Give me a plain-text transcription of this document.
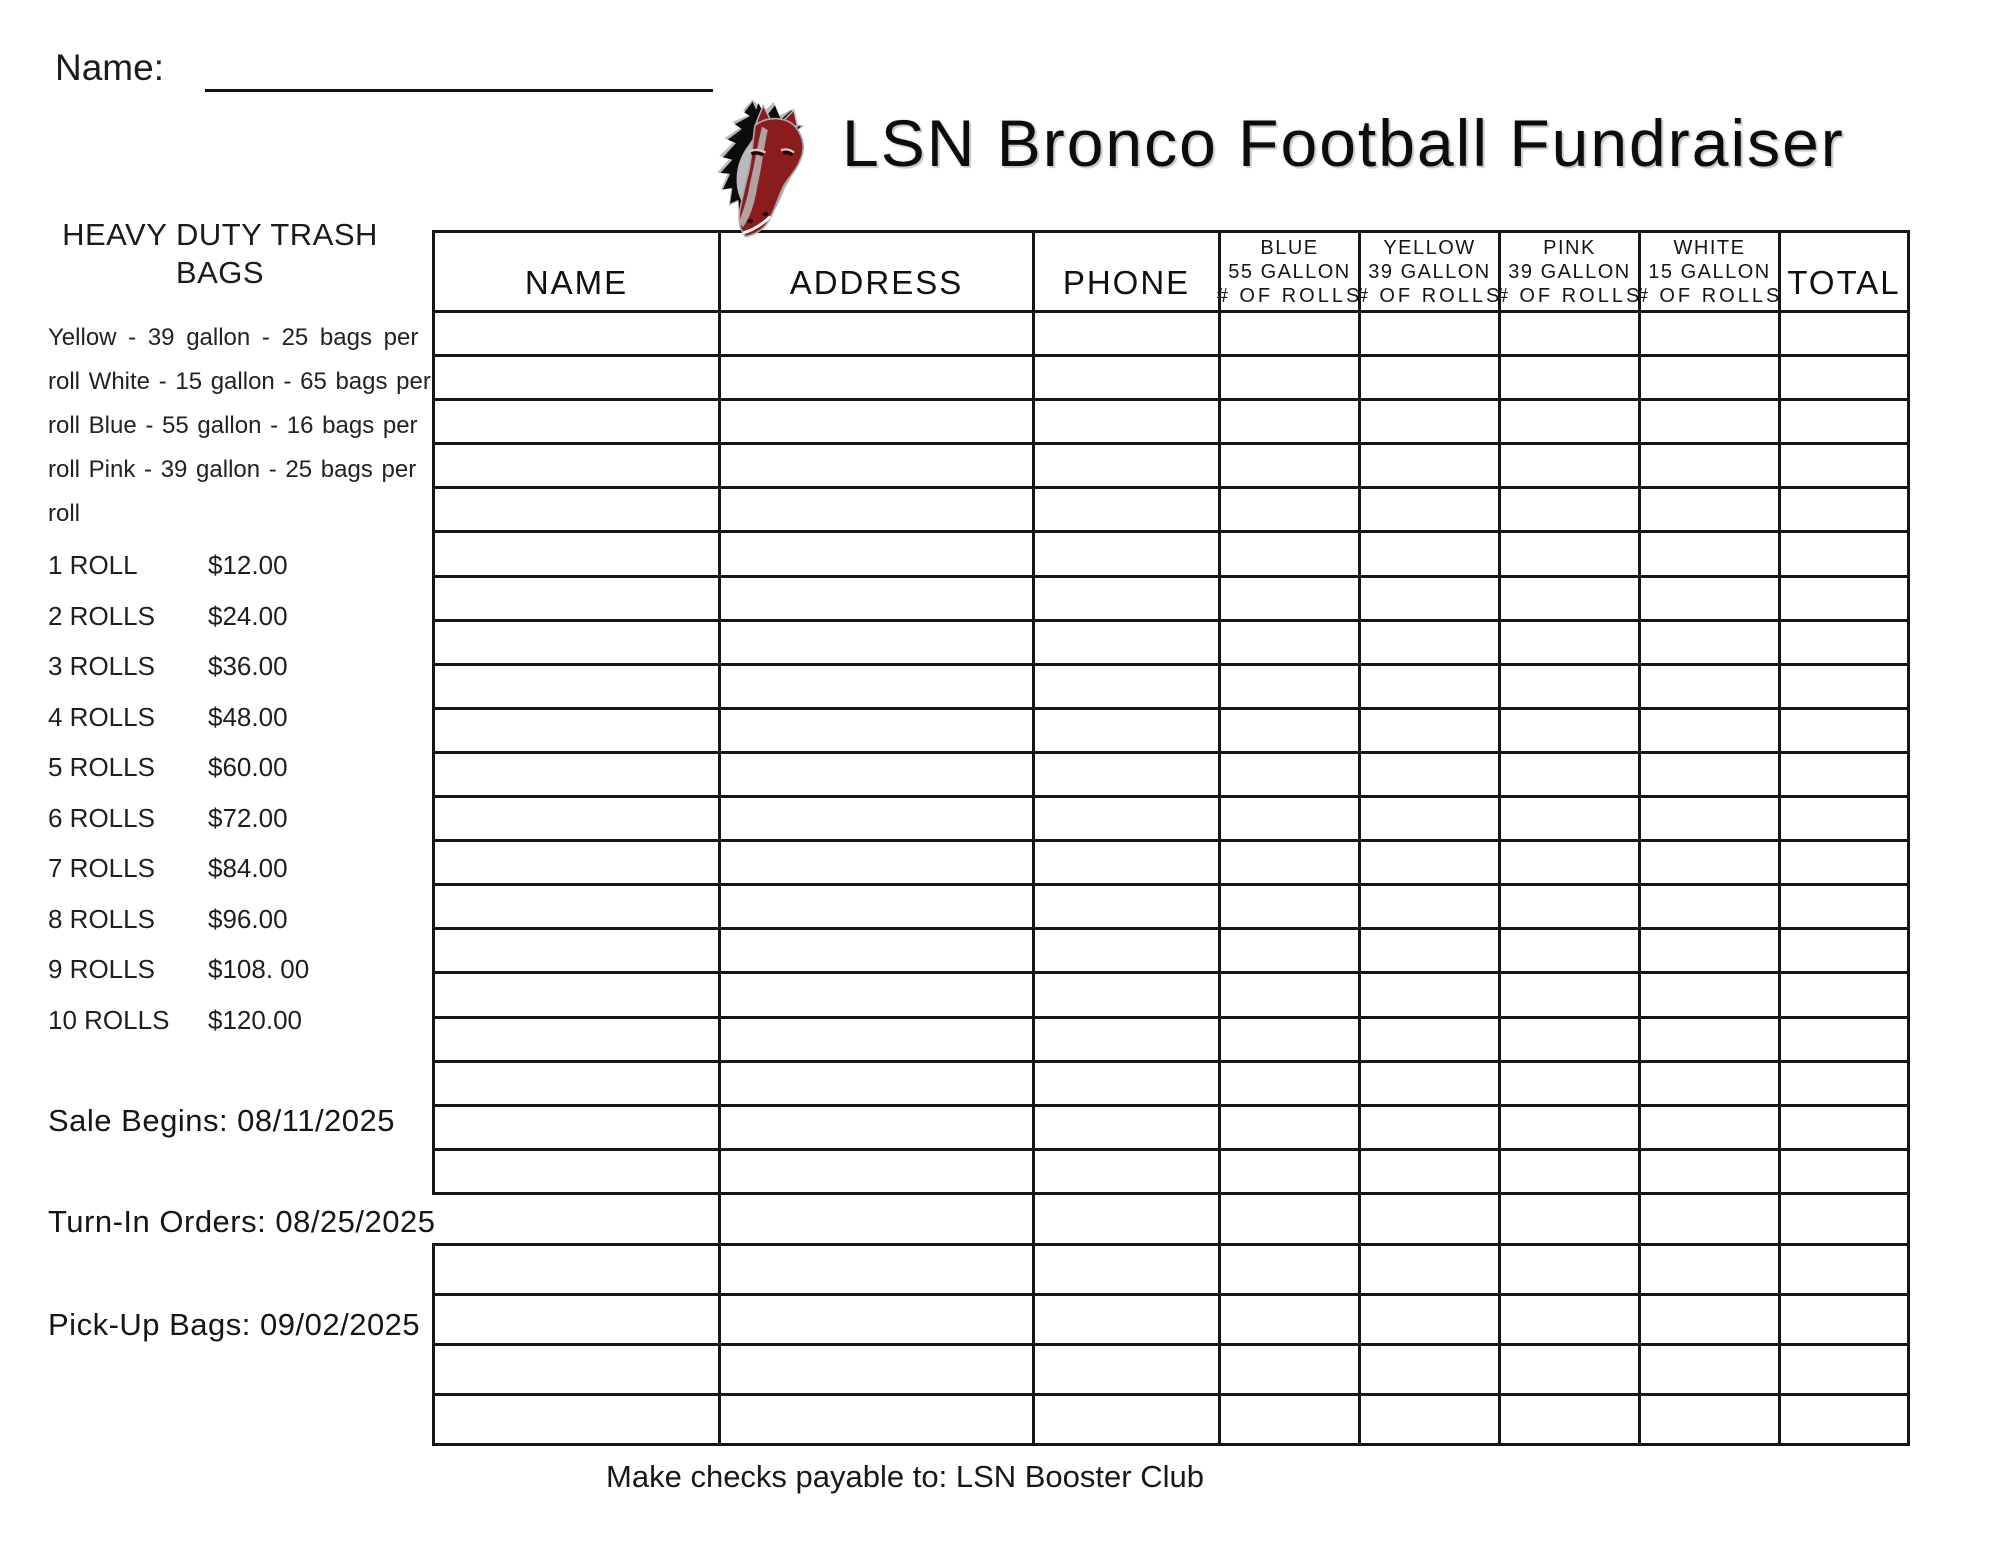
Name:
LSN Bronco Football Fundraiser
HEAVY DUTY TRASH BAGS
Yellow - 39 gallon - 25 bags per
roll White - 15 gallon - 65 bags per
roll Blue - 55 gallon - 16 bags per
roll Pink - 39 gallon - 25 bags per
roll
1 ROLL	$12.00
2 ROLLS	$24.00
3 ROLLS	$36.00
4 ROLLS	$48.00
5 ROLLS	$60.00
6 ROLLS	$72.00
7 ROLLS	$84.00
8 ROLLS	$96.00
9 ROLLS	$108. 00
10 ROLLS	$120.00
Sale Begins: 08/11/2025
Turn-In Orders: 08/25/2025
Pick-Up Bags: 09/02/2025
NAME	ADDRESS	PHONE	BLUE
55 GALLON
# OF ROLLS	YELLOW
39 GALLON
# OF ROLLS	PINK
39 GALLON
# OF ROLLS	WHITE
15 GALLON
# OF ROLLS	TOTAL

Make checks payable to: LSN Booster Club
